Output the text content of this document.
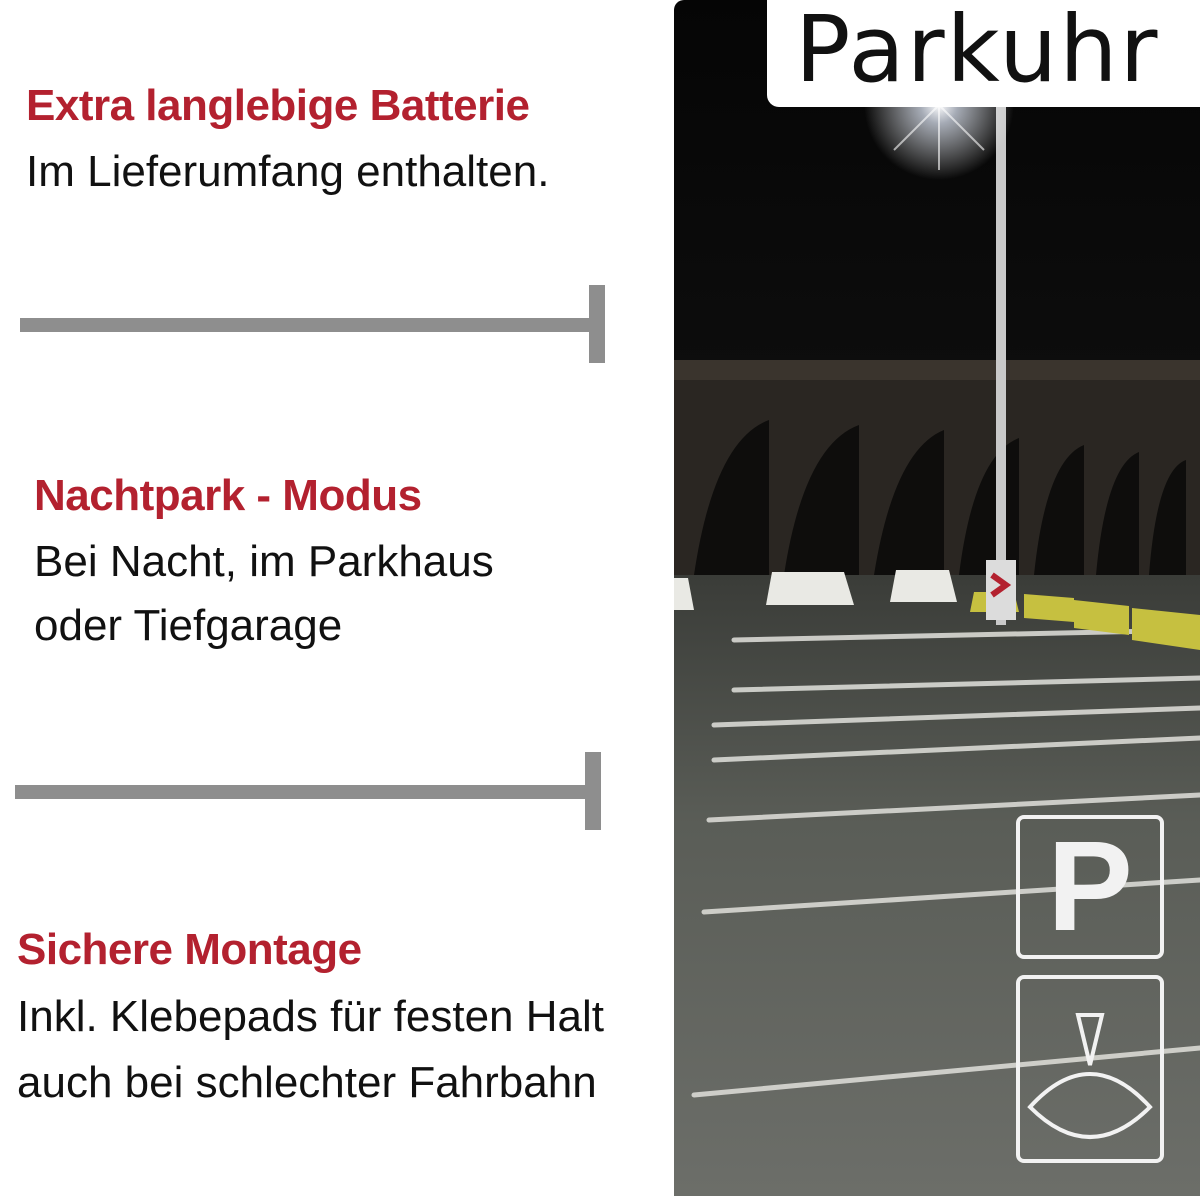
Extra langlebige Batterie
Im Lieferumfang enthalten.
Nachtpark - Modus
Bei Nacht, im Parkhaus
oder Tiefgarage
Sichere Montage
Inkl. Klebepads für festen Halt
auch bei schlechter Fahrbahn
Parkuhr
P
